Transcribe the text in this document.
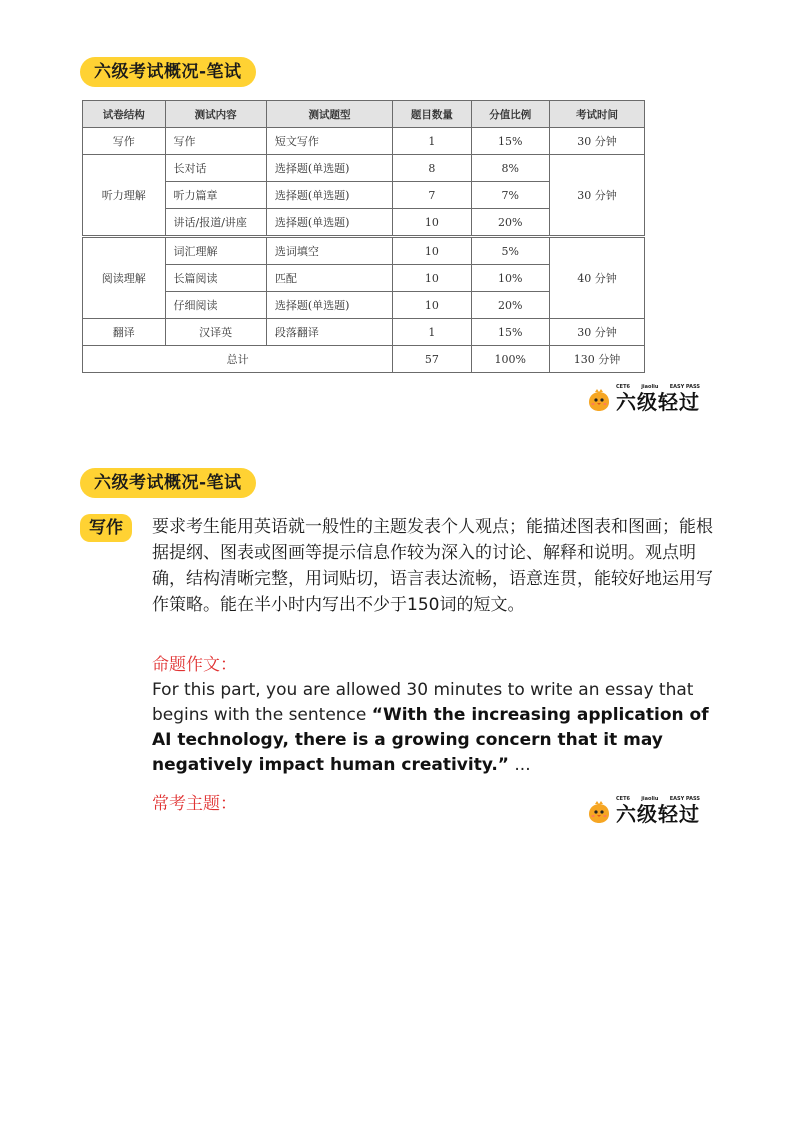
六级考试概况-笔试
试卷结构	测试内容	测试题型	题目数量	分值比例	考试时间
写作	写作	短文写作	1	15%	30 分钟
听力理解	长对话	选择题(单选题)	8	8%	30 分钟
	听力篇章	选择题(单选题)	7	7%	
	讲话/报道/讲座	选择题(单选题)	10	20%	
阅读理解	词汇理解	选词填空	10	5%	40 分钟
	长篇阅读	匹配	10	10%	
	仔细阅读	选择题(单选题)	10	20%	
翻译	汉译英	段落翻译	1	15%	30 分钟
总计			57	100%	130 分钟
CET6 jiaoliu EASY PASS
六级轻过
六级考试概况-笔试
写作	要求考生能用英语就一般性的主题发表个人观点；能描述图表和图画；能根据提纲、图表或图画等提示信息作较为深入的讨论、解释和说明。观点明确，结构清晰完整，用词贴切，语言表达流畅，语意连贯，能较好地运用写作策略。能在半小时内写出不少于150词的短文。
命题作文：
For this part, you are allowed 30 minutes to write an essay that begins with the sentence “With the increasing application of AI technology, there is a growing concern that it may negatively impact human creativity.” ...
常考主题：	CET6 jiaoliu EASY PASS
六级轻过
